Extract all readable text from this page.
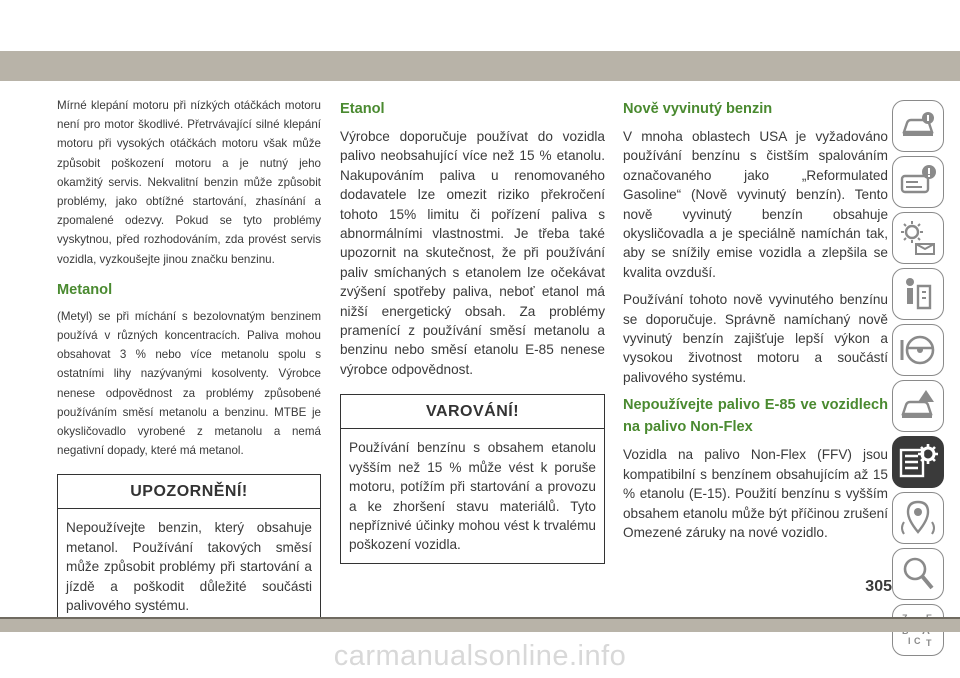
Mírné klepání motoru při nízkých otáčkách motoru není pro motor škodlivé. Přetrvávající silné klepání motoru při vysokých otáčkách motoru však může způsobit poškození motoru a je nutný jeho okamžitý servis. Nekvalitní benzin může způsobit problémy, jako obtížné startování, zhasínání a zpomalené odezvy. Pokud se tyto problémy vyskytnou, před rozhodováním, zda provést servis vozidla, vyzkoušejte jinou značku benzinu.

Metanol

(Metyl) se při míchání s bezolovnatým benzinem používá v různých koncentracích. Paliva mohou obsahovat 3 % nebo více metanolu spolu s ostatními lihy nazývanými kosolventy. Výrobce nenese odpovědnost za problémy způsobené používáním směsí metanolu a benzinu. MTBE je okysličovadlo vyrobené z metanolu a nemá negativní dopady, které má metanol.

UPOZORNĚNÍ!
Nepoužívejte benzin, který obsahuje metanol. Používání takových směsí může způsobit problémy při startování a jízdě a poškodit důležité součásti palivového systému.
Etanol

Výrobce doporučuje používat do vozidla palivo neobsahující více než 15 % etanolu. Nakupováním paliva u renomovaného dodavatele lze omezit riziko překročení tohoto 15% limitu či pořízení paliva s abnormálními vlastnostmi. Je třeba také upozornit na skutečnost, že při používání paliv smíchaných s etanolem lze očekávat zvýšení spotřeby paliva, neboť etanol má nižší energetický obsah. Za problémy pramenící z používání směsí metanolu a benzinu nebo směsí etanolu E-85 nenese výrobce odpovědnost.

VAROVÁNÍ!
Používání benzínu s obsahem etanolu vyšším než 15 % může vést k poruše motoru, potížím při startování a provozu a ke zhoršení stavu materiálů. Tyto nepříznivé účinky mohou vést k trvalému poškození vozidla.
Nově vyvinutý benzin

V mnoha oblastech USA je vyžadováno používání benzínu s čistším spalováním označovaného jako „Reformulated Gasoline“ (Nově vyvinutý benzín). Tento nově vyvinutý benzín obsahuje okysličovadla a je speciálně namíchán tak, aby se snížily emise vozidla a zlepšila se kvalita ovzduší.

Používání tohoto nově vyvinutého benzínu se doporučuje. Správně namíchaný nově vyvinutý benzín zajišťuje lepší výkon a vysokou životnost motoru a součástí palivového systému.

Nepoužívejte palivo E-85 ve vozidlech na palivo Non-Flex

Vozidla na palivo Non-Flex (FFV) jsou kompatibilní s benzínem obsahujícím až 15 % etanolu (E-15). Použití benzínu s vyšším obsahem etanolu může být příčinou zrušení Omezené záruky na nové vozidlo.

I C T
305
carmanualsonline.info
